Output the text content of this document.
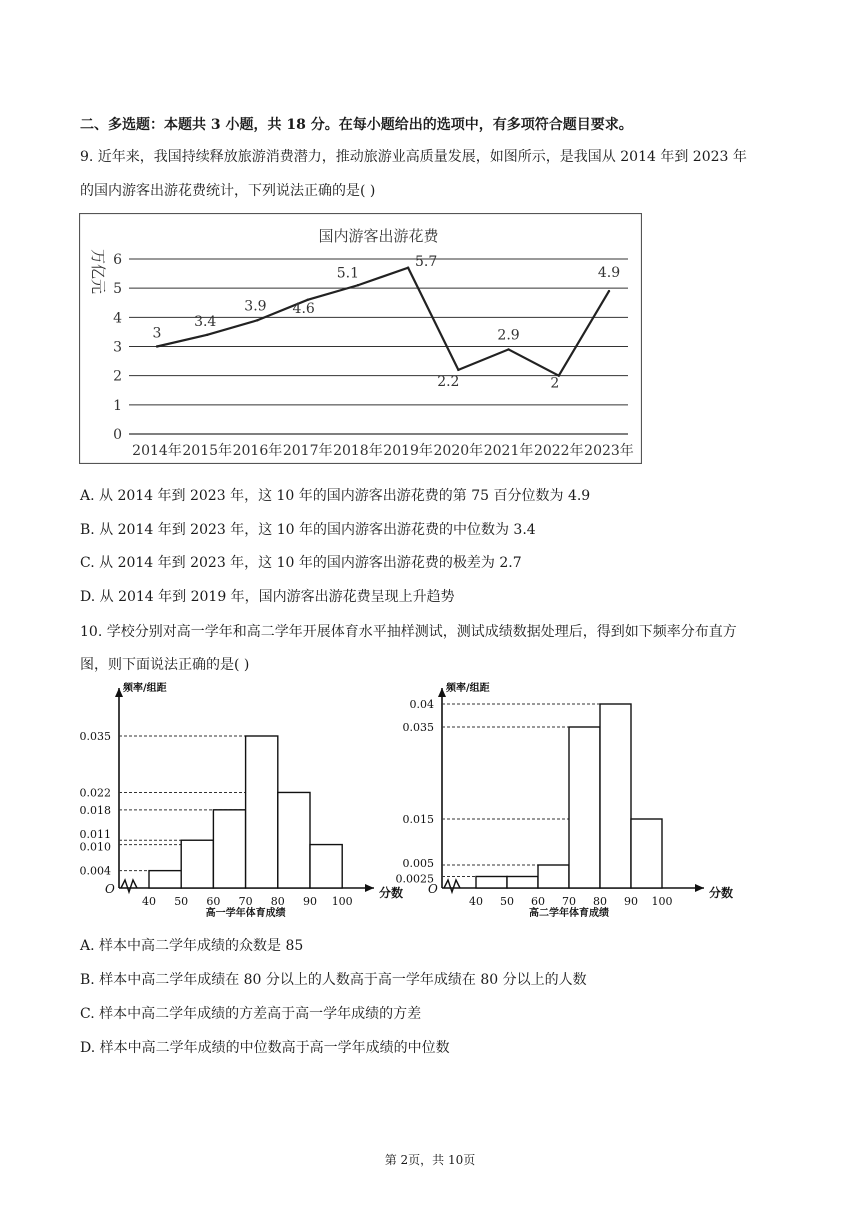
二、多选题：本题共 3 小题，共 18 分。在每小题给出的选项中，有多项符合题目要求。
9. 近年来，我国持续释放旅游消费潜力，推动旅游业高质量发展，如图所示，是我国从 2014 年到 2023 年
的国内游客出游花费统计，下列说法正确的是( )
国内游客出游花费
万亿元
0
1
2
3
4
5
6
2014年 2015年 2016年 2017年 2018年 2019年 2020年 2021年 2022年 2023年
3
3.4
3.9 4.6
5.1
5.7
2.2
2.9
2
4.9
A. 从 2014 年到 2023 年，这 10 年的国内游客出游花费的第 75 百分位数为 4.9
B. 从 2014 年到 2023 年，这 10 年的国内游客出游花费的中位数为 3.4
C. 从 2014 年到 2023 年，这 10 年的国内游客出游花费的极差为 2.7
D. 从 2014 年到 2019 年，国内游客出游花费呈现上升趋势
10. 学校分别对高一学年和高二学年开展体育水平抽样测试，测试成绩数据处理后，得到如下频率分布直方
图，则下面说法正确的是( )
O
频率/组距
分数
高一学年体育成绩
40 50 60 70 80 90 100
0.004
0.010
0.011
0.018
0.022
0.035
O
频率/组距
分数
高二学年体育成绩
40 50 60 70 80 90 100
0.0025
0.005
0.015
0.035
0.04
A. 样本中高二学年成绩的众数是 85
B. 样本中高二学年成绩在 80 分以上的人数高于高一学年成绩在 80 分以上的人数
C. 样本中高二学年成绩的方差高于高一学年成绩的方差
D. 样本中高二学年成绩的中位数高于高一学年成绩的中位数
第 2页，共 10页
